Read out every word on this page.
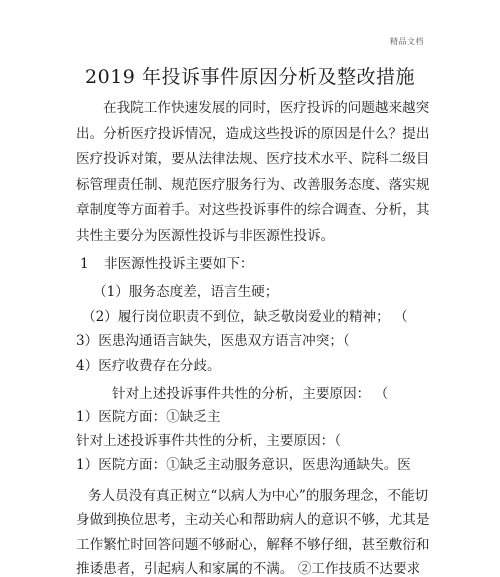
精品文档
2019 年投诉事件原因分析及整改措施
在我院工作快速发展的同时，医疗投诉的问题越来越突
出。分析医疗投诉情况，造成这些投诉的原因是什么？提出
医疗投诉对策，要从法律法规、医疗技术水平、院科二级目
标管理责任制、规范医疗服务行为、改善服务态度、落实规
章制度等方面着手。对这些投诉事件的综合调查、分析，其
共性主要分为医源性投诉与非医源性投诉。
1 非医源性投诉主要如下：
（1）服务态度差，语言生硬；
（2）履行岗位职责不到位，缺乏敬岗爱业的精神； （
3）医患沟通语言缺失，医患双方语言冲突；（
4）医疗收费存在分歧。
针对上述投诉事件共性的分析，主要原因： （
1）医院方面：①缺乏主
针对上述投诉事件共性的分析，主要原因：（
1）医院方面：①缺乏主动服务意识，医患沟通缺失。医
务人员没有真正树立“以病人为中心”的服务理念，不能切
身做到换位思考，主动关心和帮助病人的意识不够，尤其是
工作繁忙时回答问题不够耐心，解释不够仔细，甚至敷衍和
推诿患者，引起病人和家属的不满。 ②工作技质不达要求
